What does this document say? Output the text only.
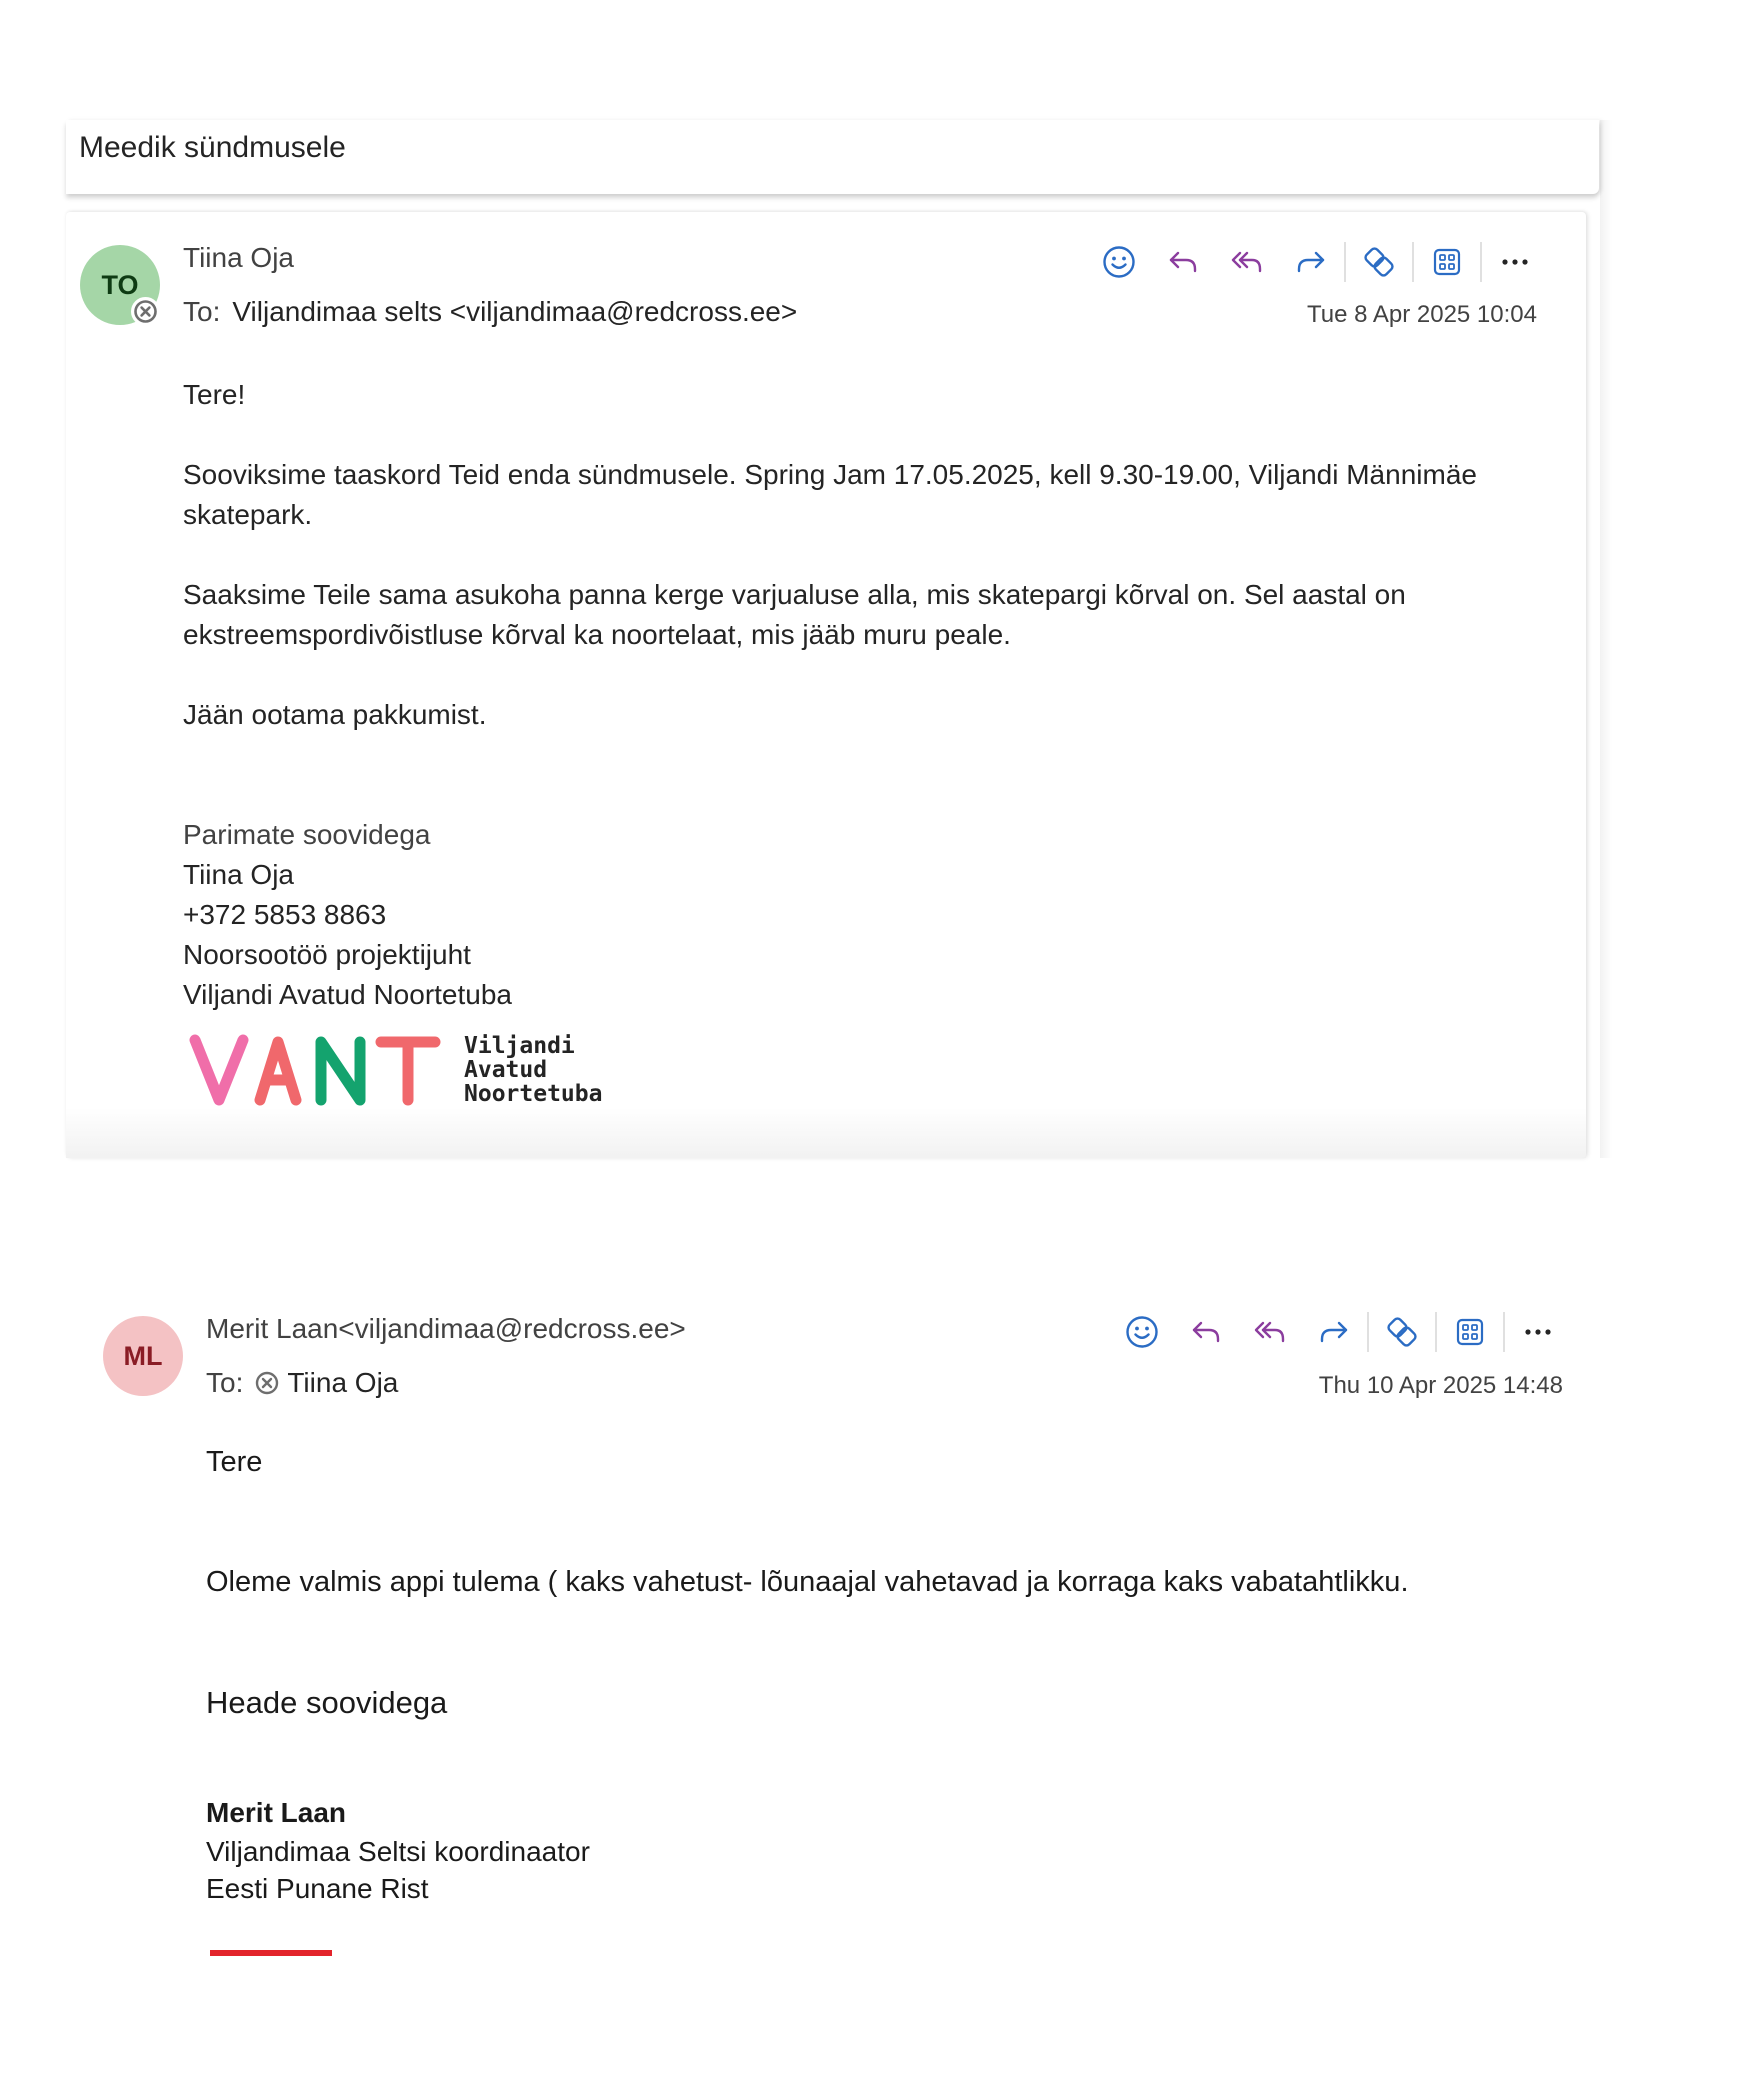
Meedik sündmusele
TO
Tiina Oja
To: Viljandimaa selts <viljandimaa@redcross.ee>	Tue 8 Apr 2025 10:04

Tere!

Sooviksime taaskord Teid enda sündmusele. Spring Jam 17.05.2025, kell 9.30-19.00, Viljandi Männimäe

skatepark.

Saaksime Teile sama asukoha panna kerge varjualuse alla, mis skatepargi kõrval on. Sel aastal on

ekstreemspordivõistluse kõrval ka noortelaat, mis jääb muru peale.

Jään ootama pakkumist.

Parimate soovidega

Tiina Oja

+372 5853 8863

Noorsootöö projektijuht

Viljandi Avatud Noortetuba

Viljandi
Avatud
Noortetuba
ML
Merit Laan<viljandimaa@redcross.ee>
To: Tiina Oja	Thu 10 Apr 2025 14:48
Tere
Oleme valmis appi tulema ( kaks vahetust- lõunaajal vahetavad ja korraga kaks vabatahtlikku.
Heade soovidega
Merit Laan
Viljandimaa Seltsi koordinaator
Eesti Punane Rist
